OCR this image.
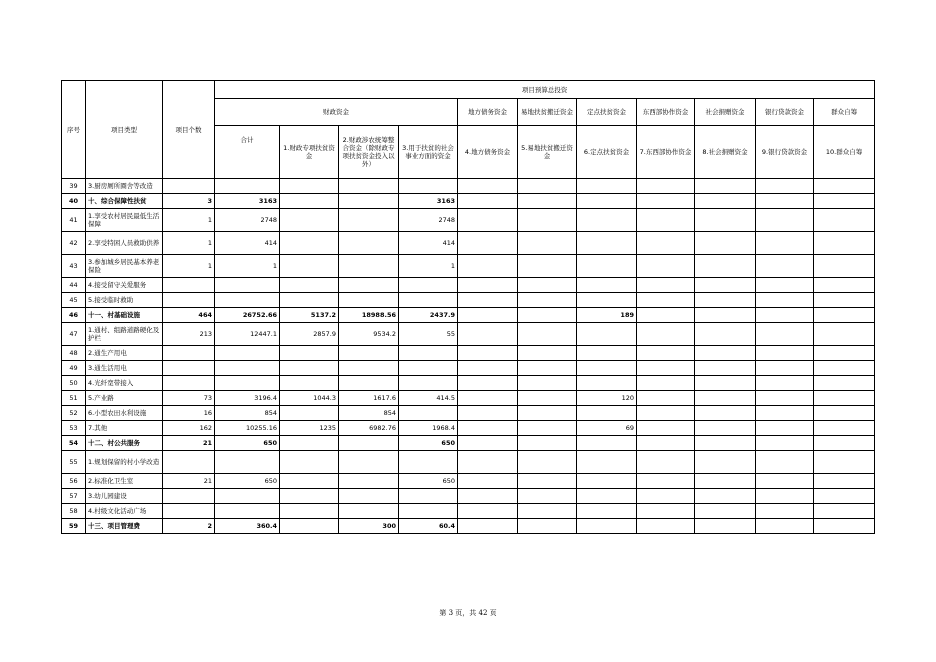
序号	项目类型	项目个数	项目预算总投资										
			财政资金				地方债务资金	易地扶贫搬迁资金	定点扶贫资金	东西部协作资金	社会捐赠资金	银行贷款资金	群众自筹
			合计	1.财政专项扶贫资金	2.财政涉农统筹整合资金（除财政专项扶贫资金投入以外）	3.用于扶贫的社会事业方面的资金	4.地方债务资金	5.易地扶贫搬迁资金	6.定点扶贫资金	7.东西部协作资金	8.社会捐赠资金	9.银行贷款资金	10.群众自筹
39	3.厨房厕所圈舍等改造												
40	十、综合保障性扶贫	3	3163			3163							
41	1.享受农村居民最低生活保障	1	2748			2748							
42	2.享受特困人员救助供养	1	414			414							
43	3.参加城乡居民基本养老保险	1	1			1							
44	4.接受留守关爱服务												
45	5.接受临时救助												
46	十一、村基础设施	464	26752.66	5137.2	18988.56	2437.9			189				
47	1.通村、组路道路硬化及护栏	213	12447.1	2857.9	9534.2	55							
48	2.通生产用电												
49	3.通生活用电												
50	4.光纤宽带接入												
51	5.产业路	73	3196.4	1044.3	1617.6	414.5			120				
52	6.小型农田水利设施	16	854		854								
53	7.其他	162	10255.16	1235	6982.76	1968.4			69				
54	十二、村公共服务	21	650			650							
55	1.规划保留的村小学改造												
56	2.标准化卫生室	21	650			650							
57	3.幼儿园建设												
58	4.村级文化活动广场												
59	十三、项目管理费	2	360.4		300	60.4							
第 3 页，共 42 页
